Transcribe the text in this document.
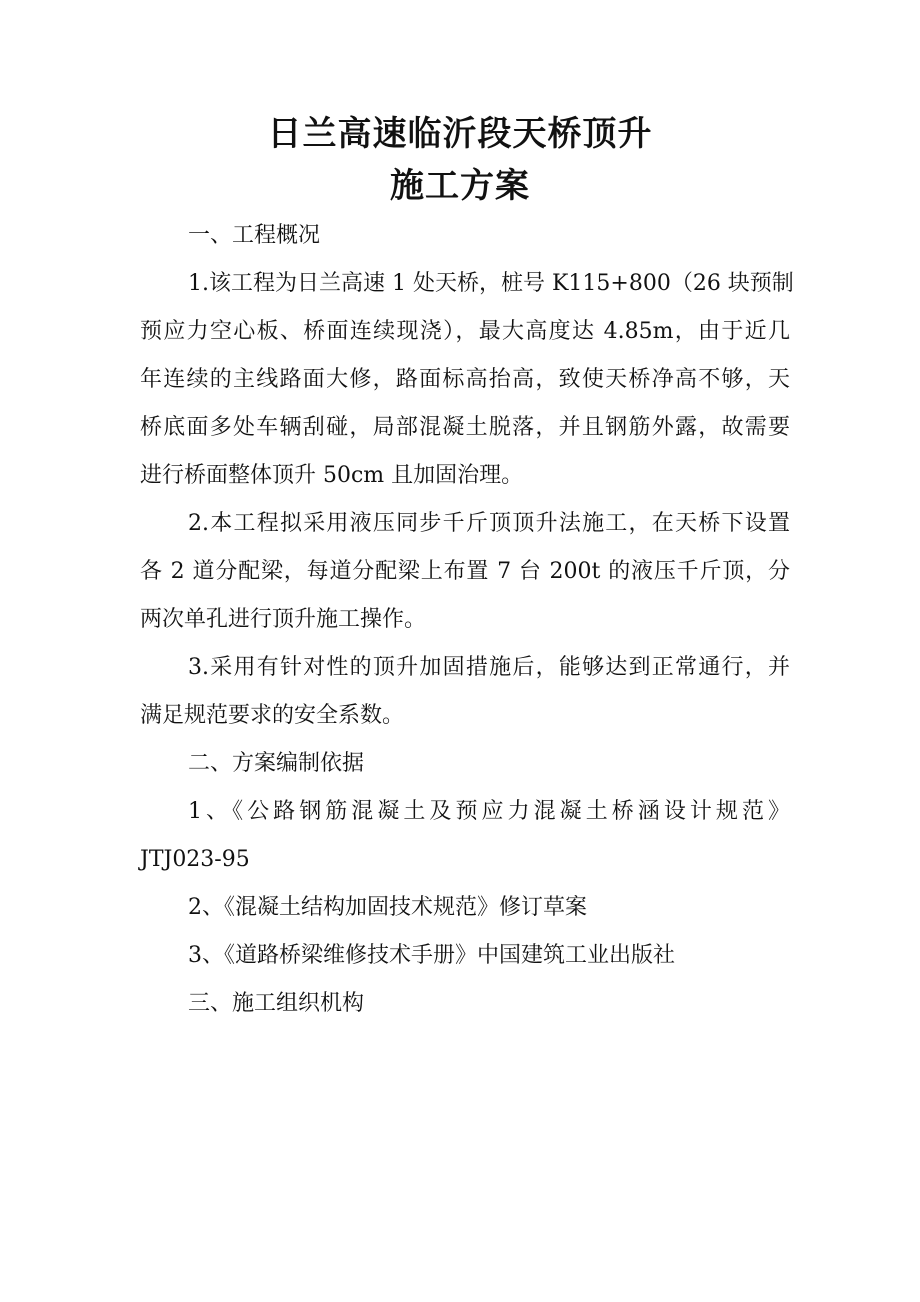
日兰高速临沂段天桥顶升
施工方案

一、工程概况

1.该工程为日兰高速 1 处天桥，桩号 K115+800（26 块预制

预应力空心板、桥面连续现浇），最大高度达 4.85m，由于近几

年连续的主线路面大修，路面标高抬高，致使天桥净高不够，天

桥底面多处车辆刮碰，局部混凝土脱落，并且钢筋外露，故需要

进行桥面整体顶升 50cm 且加固治理。

2.本工程拟采用液压同步千斤顶顶升法施工，在天桥下设置

各 2 道分配梁，每道分配梁上布置 7 台 200t 的液压千斤顶，分

两次单孔进行顶升施工操作。

3.采用有针对性的顶升加固措施后，能够达到正常通行，并

满足规范要求的安全系数。

二、方案编制依据

1、《公路钢筋混凝土及预应力混凝土桥涵设计规范》

JTJ023-95

2、《混凝土结构加固技术规范》修订草案

3、《道路桥梁维修技术手册》中国建筑工业出版社

三、施工组织机构
